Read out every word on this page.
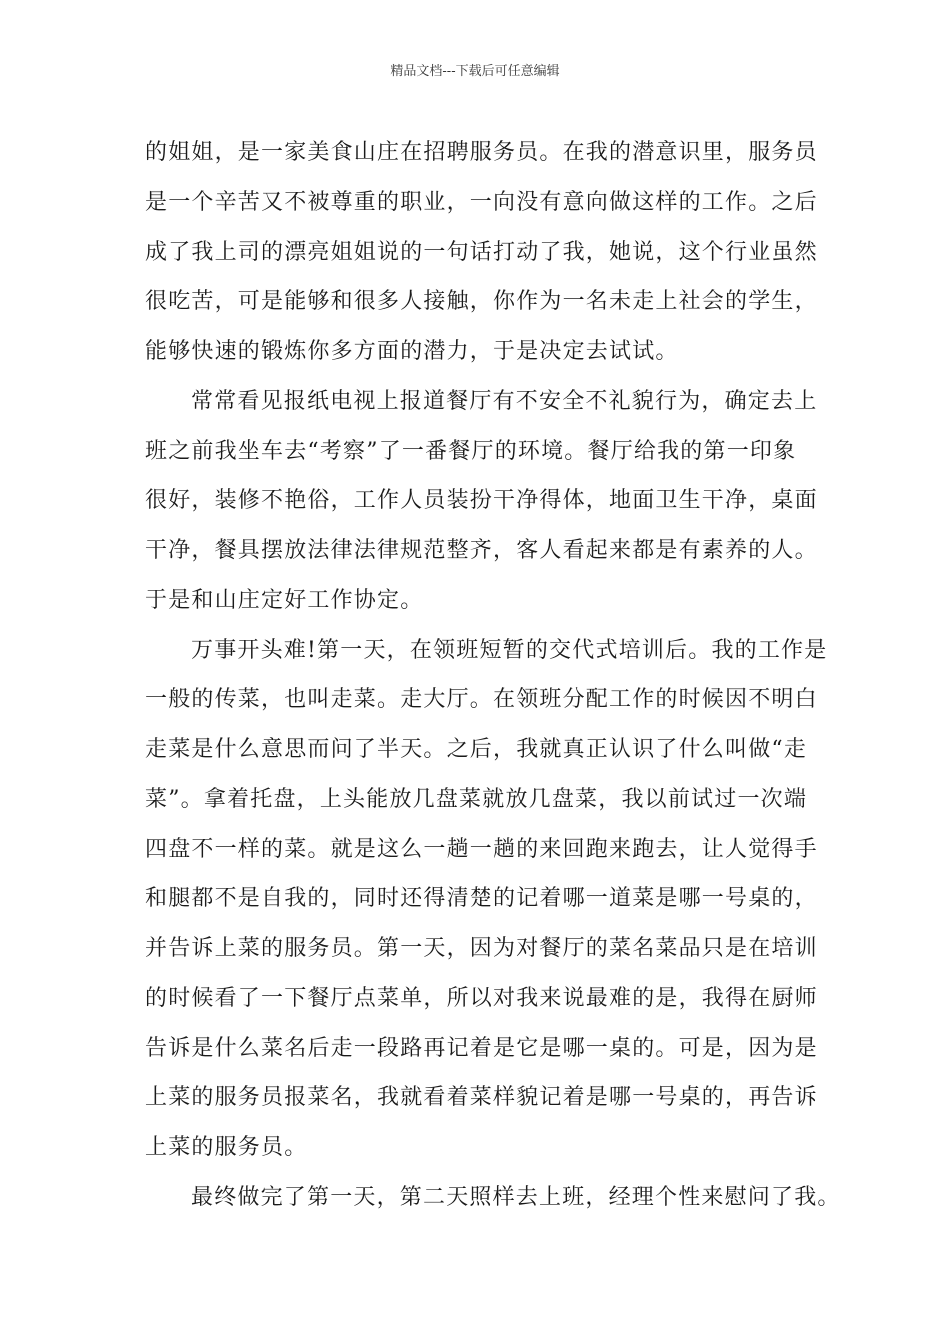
精品文档---下载后可任意编辑
的姐姐，是一家美食山庄在招聘服务员。在我的潜意识里，服务员
是一个辛苦又不被尊重的职业，一向没有意向做这样的工作。之后
成了我上司的漂亮姐姐说的一句话打动了我，她说，这个行业虽然
很吃苦，可是能够和很多人接触，你作为一名未走上社会的学生，
能够快速的锻炼你多方面的潜力，于是决定去试试。
常常看见报纸电视上报道餐厅有不安全不礼貌行为，确定去上
班之前我坐车去“考察”了一番餐厅的环境。餐厅给我的第一印象
很好，装修不艳俗，工作人员装扮干净得体，地面卫生干净，桌面
干净，餐具摆放法律法律规范整齐，客人看起来都是有素养的人。
于是和山庄定好工作协定。
万事开头难!第一天，在领班短暂的交代式培训后。我的工作是
一般的传菜，也叫走菜。走大厅。在领班分配工作的时候因不明白
走菜是什么意思而问了半天。之后，我就真正认识了什么叫做“走
菜”。拿着托盘，上头能放几盘菜就放几盘菜，我以前试过一次端
四盘不一样的菜。就是这么一趟一趟的来回跑来跑去，让人觉得手
和腿都不是自我的，同时还得清楚的记着哪一道菜是哪一号桌的，
并告诉上菜的服务员。第一天，因为对餐厅的菜名菜品只是在培训
的时候看了一下餐厅点菜单，所以对我来说最难的是，我得在厨师
告诉是什么菜名后走一段路再记着是它是哪一桌的。可是，因为是
上菜的服务员报菜名，我就看着菜样貌记着是哪一号桌的，再告诉
上菜的服务员。
最终做完了第一天，第二天照样去上班，经理个性来慰问了我。
